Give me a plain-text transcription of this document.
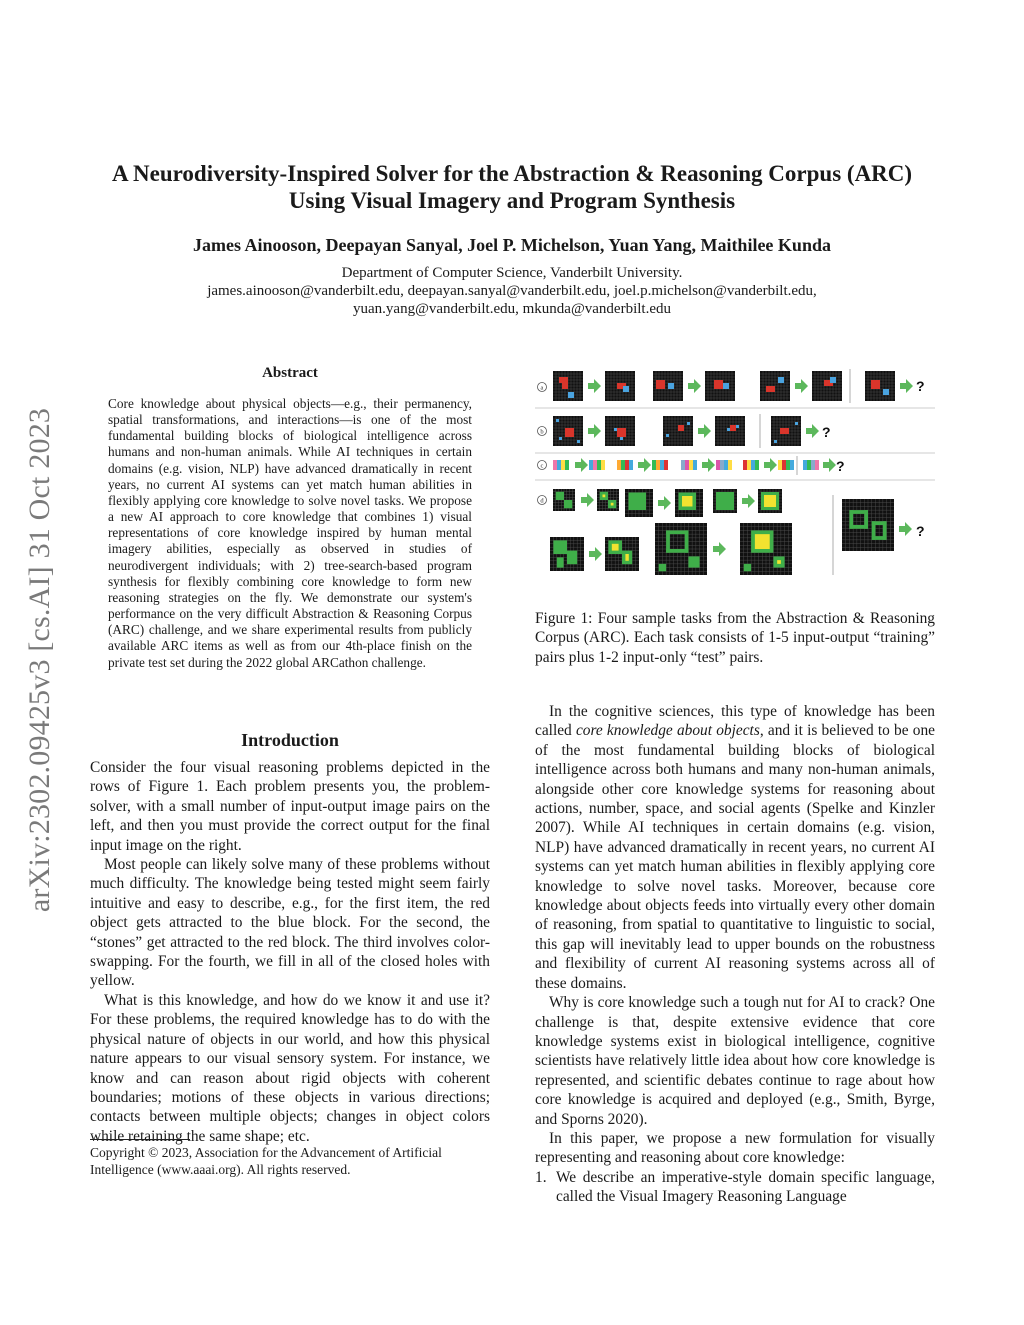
arXiv:2302.09425v3 [cs.AI] 31 Oct 2023
A Neurodiversity-Inspired Solver for the Abstraction & Reasoning Corpus (ARC)
Using Visual Imagery and Program Synthesis
James Ainooson, Deepayan Sanyal, Joel P. Michelson, Yuan Yang, Maithilee Kunda
Department of Computer Science, Vanderbilt University.
james.ainooson@vanderbilt.edu, deepayan.sanyal@vanderbilt.edu, joel.p.michelson@vanderbilt.edu,
yuan.yang@vanderbilt.edu, mkunda@vanderbilt.edu
Abstract
Core knowledge about physical objects—e.g., their permanency, spatial transformations, and interactions—is one of the most fundamental building blocks of biological intelligence across humans and non-human animals. While AI techniques in certain domains (e.g. vision, NLP) have advanced dramatically in recent years, no current AI systems can yet match human abilities in flexibly applying core knowledge to solve novel tasks. We propose a new AI approach to core knowledge that combines 1) visual representations of core knowledge inspired by human mental imagery abilities, especially as observed in studies of neurodivergent individuals; with 2) tree-search-based program synthesis for flexibly combining core knowledge to form new reasoning strategies on the fly. We demonstrate our system's performance on the very difficult Abstraction & Reasoning Corpus (ARC) challenge, and we share experimental results from publicly available ARC items as well as from our 4th-place finish on the private test set during the 2022 global ARCathon challenge.
Introduction

Consider the four visual reasoning problems depicted in the rows of Figure 1. Each problem presents you, the problem-solver, with a small number of input-output image pairs on the left, and then you must provide the correct output for the final input image on the right.

Most people can likely solve many of these problems without much difficulty. The knowledge being tested might seem fairly intuitive and easy to describe, e.g., for the first item, the red object gets attracted to the blue block. For the second, the “stones” get attracted to the red block. The third involves color-swapping. For the fourth, we fill in all of the closed holes with yellow.

What is this knowledge, and how do we know it and use it? For these problems, the required knowledge has to do with the physical nature of objects in our world, and how this physical nature appears to our visual sensory system. For instance, we know and can reason about rigid objects with coherent boundaries; motions of these objects in various directions; contacts between multiple objects; changes in object colors while retaining the same shape; etc.

Copyright © 2023, Association for the Advancement of Artificial Intelligence (www.aaai.org). All rights reserved.
a	?
b	?
c	?
d
?
Figure 1: Four sample tasks from the Abstraction & Reasoning Corpus (ARC). Each task consists of 1-5 input-output “training” pairs plus 1-2 input-only “test” pairs.

In the cognitive sciences, this type of knowledge has been called core knowledge about objects, and it is believed to be one of the most fundamental building blocks of biological intelligence across both humans and many non-human animals, alongside other core knowledge systems for reasoning about actions, number, space, and social agents (Spelke and Kinzler 2007). While AI techniques in certain domains (e.g. vision, NLP) have advanced dramatically in recent years, no current AI systems can yet match human abilities in flexibly applying core knowledge to solve novel tasks. Moreover, because core knowledge about objects feeds into virtually every other domain of reasoning, from spatial to quantitative to linguistic to social, this gap will inevitably lead to upper bounds on the robustness and flexibility of current AI reasoning systems across all of these domains.

Why is core knowledge such a tough nut for AI to crack? One challenge is that, despite extensive evidence that core knowledge systems exist in biological intelligence, cognitive scientists have relatively little idea about how core knowledge is represented, and scientific debates continue to rage about how core knowledge is acquired and deployed (e.g., Smith, Byrge, and Sporns 2020).

In this paper, we propose a new formulation for visually representing and reasoning about core knowledge:

1. We describe an imperative-style domain specific language, called the Visual Imagery Reasoning Language
